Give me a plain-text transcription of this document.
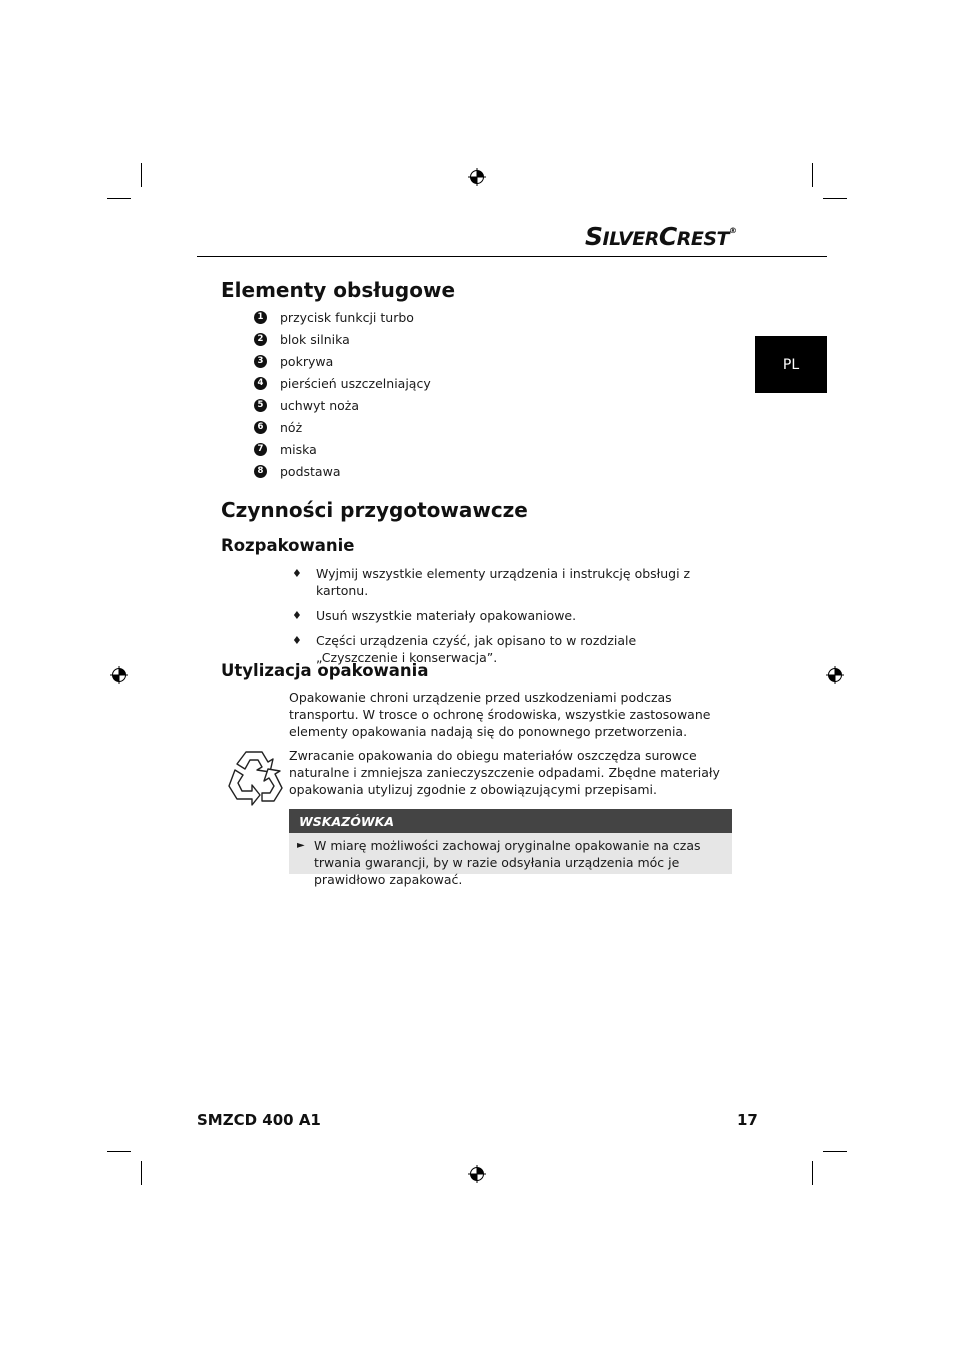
SILVERCREST®
PL
Elementy obsługowe
1 przycisk funkcji turbo
2 blok silnika
3 pokrywa
4 pierścień uszczelniający
5 uchwyt noża
6 nóż
7 miska
8 podstawa
Czynności przygotowawcze
Rozpakowanie
♦	Wyjmij wszystkie elementy urządzenia i instrukcję obsługi z kartonu.
♦	Usuń wszystkie materiały opakowaniowe.
♦	Części urządzenia czyść, jak opisano to w rozdziale „Czyszczenie i konserwacja”.
Utylizacja opakowania

Opakowanie chroni urządzenie przed uszkodzeniami podczas transportu. W trosce o ochronę środowiska, wszystkie zastosowane elementy opakowania nadają się do ponownego przetworzenia.

Zwracanie opakowania do obiegu materiałów oszczędza surowce naturalne i zmniejsza zanieczyszczenie odpadami. Zbędne materiały opakowania utylizuj zgodnie z obowiązującymi przepisami.

WSKAZÓWKA
► W miarę możliwości zachowaj oryginalne opakowanie na czas trwania gwarancji, by w razie odsyłania urządzenia móc je prawidłowo zapakować.
SMZCD 400 A1	17
